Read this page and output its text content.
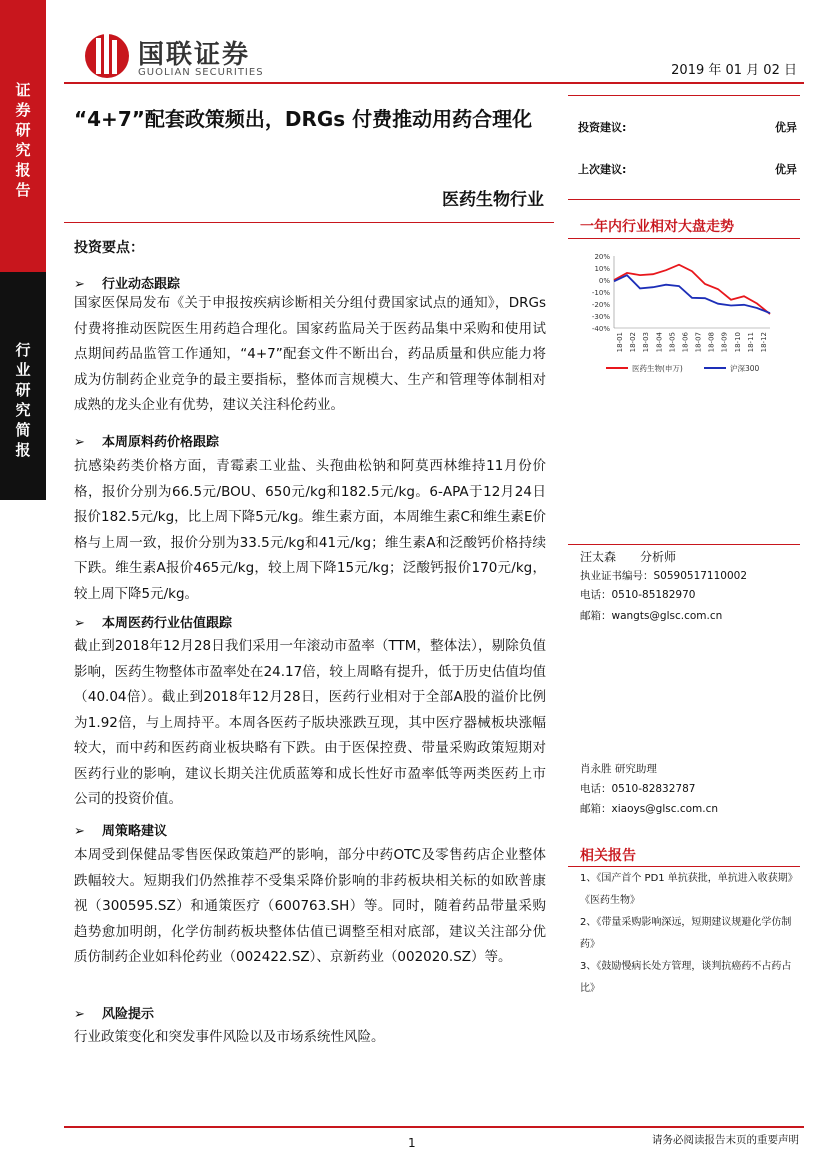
证券研究报告
行业研究简报
国联证券
GUOLIAN SECURITIES	2019 年 01 月 02 日
“4+7”配套政策频出，DRGs 付费推动用药合理化
医药生物行业
投资建议:	优异
上次建议:	优异
一年内行业相对大盘走势
20%
10%
0%
-10%
-20%
-30%
-40%
18-01 18-02 18-03 18-04 18-05 18-06 18-07 18-08 18-09 18-10 18-11 18-12
医药生物(申万)	沪深300
投资要点：
➢ 行业动态跟踪
国家医保局发布《关于申报按疾病诊断相关分组付费国家试点的通知》，DRGs付费将推动医院医生用药趋合理化。国家药监局关于医药品集中采购和使用试点期间药品监管工作通知，“4+7”配套文件不断出台，药品质量和供应能力将成为仿制药企业竞争的最主要指标，整体而言规模大、生产和管理等体制相对成熟的龙头企业有优势，建议关注科伦药业。
➢ 本周原料药价格跟踪
抗感染药类价格方面，青霉素工业盐、头孢曲松钠和阿莫西林维持11月份价格，报价分别为66.5元/BOU、650元/kg和182.5元/kg。6-APA于12月24日报价182.5元/kg，比上周下降5元/kg。维生素方面，本周维生素C和维生素E价格与上周一致，报价分别为33.5元/kg和41元/kg；维生素A和泛酸钙价格持续下跌。维生素A报价465元/kg，较上周下降15元/kg；泛酸钙报价170元/kg，较上周下降5元/kg。
➢ 本周医药行业估值跟踪
截止到2018年12月28日我们采用一年滚动市盈率（TTM，整体法），剔除负值影响，医药生物整体市盈率处在24.17倍，较上周略有提升，低于历史估值均值（40.04倍）。截止到2018年12月28日，医药行业相对于全部A股的溢价比例为1.92倍，与上周持平。本周各医药子版块涨跌互现，其中医疗器械板块涨幅较大，而中药和医药商业板块略有下跌。由于医保控费、带量采购政策短期对医药行业的影响，建议长期关注优质蓝筹和成长性好市盈率低等两类医药上市公司的投资价值。
➢ 周策略建议
本周受到保健品零售医保政策趋严的影响，部分中药OTC及零售药店企业整体跌幅较大。短期我们仍然推荐不受集采降价影响的非药板块相关标的如欧普康视（300595.SZ）和通策医疗（600763.SH）等。同时，随着药品带量采购趋势愈加明朗，化学仿制药板块整体估值已调整至相对底部，建议关注部分优质仿制药企业如科伦药业（002422.SZ）、京新药业（002020.SZ）等。
➢ 风险提示
行业政策变化和突发事件风险以及市场系统性风险。
汪太森　　分析师
执业证书编号：S0590517110002
电话：0510-85182970
邮箱：wangts@glsc.com.cn
肖永胜 研究助理
电话：0510-82832787
邮箱：xiaoys@glsc.com.cn
相关报告
1、《国产首个 PD1 单抗获批，单抗进入收获期》《医药生物》
2、《带量采购影响深远，短期建议规避化学仿制药》
3、《鼓励慢病长处方管理，谈判抗癌药不占药占比》
1	请务必阅读报告末页的重要声明
